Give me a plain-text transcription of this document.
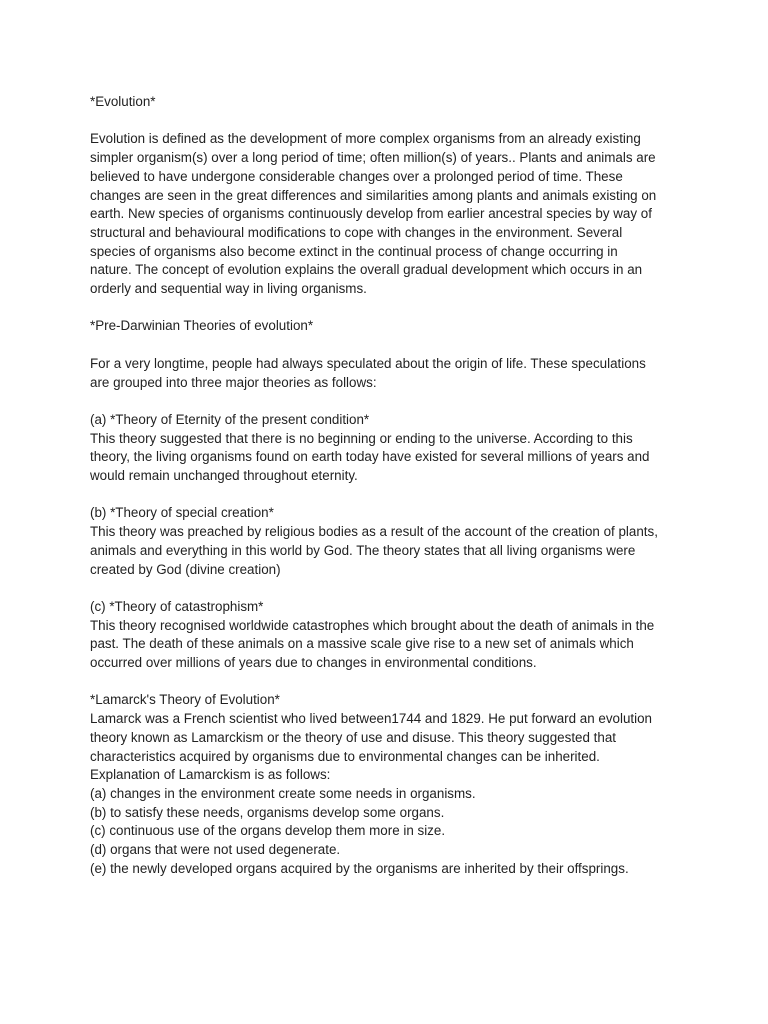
*Evolution*

Evolution is defined as the development of more complex organisms from an already existing

simpler organism(s) over a long period of time; often million(s) of years.. Plants and animals are

believed to have undergone considerable changes over a prolonged period of time. These

changes are seen in the great differences and similarities among plants and animals existing on

earth. New species of organisms continuously develop from earlier ancestral species by way of

structural and behavioural modifications to cope with changes in the environment. Several

species of organisms also become extinct in the continual process of change occurring in

nature. The concept of evolution explains the overall gradual development which occurs in an

orderly and sequential way in living organisms.

*Pre-Darwinian Theories of evolution*

For a very longtime, people had always speculated about the origin of life. These speculations

are grouped into three major theories as follows:

(a) *Theory of Eternity of the present condition*

This theory suggested that there is no beginning or ending to the universe. According to this

theory, the living organisms found on earth today have existed for several millions of years and

would remain unchanged throughout eternity.

(b) *Theory of special creation*

This theory was preached by religious bodies as a result of the account of the creation of plants,

animals and everything in this world by God. The theory states that all living organisms were

created by God (divine creation)

(c) *Theory of catastrophism*

This theory recognised worldwide catastrophes which brought about the death of animals in the

past. The death of these animals on a massive scale give rise to a new set of animals which

occurred over millions of years due to changes in environmental conditions.

*Lamarck's Theory of Evolution*

Lamarck was a French scientist who lived between1744 and 1829. He put forward an evolution

theory known as Lamarckism or the theory of use and disuse. This theory suggested that

characteristics acquired by organisms due to environmental changes can be inherited.

Explanation of Lamarckism is as follows:

(a) changes in the environment create some needs in organisms.

(b) to satisfy these needs, organisms develop some organs.

(c) continuous use of the organs develop them more in size.

(d) organs that were not used degenerate.

(e) the newly developed organs acquired by the organisms are inherited by their offsprings.
